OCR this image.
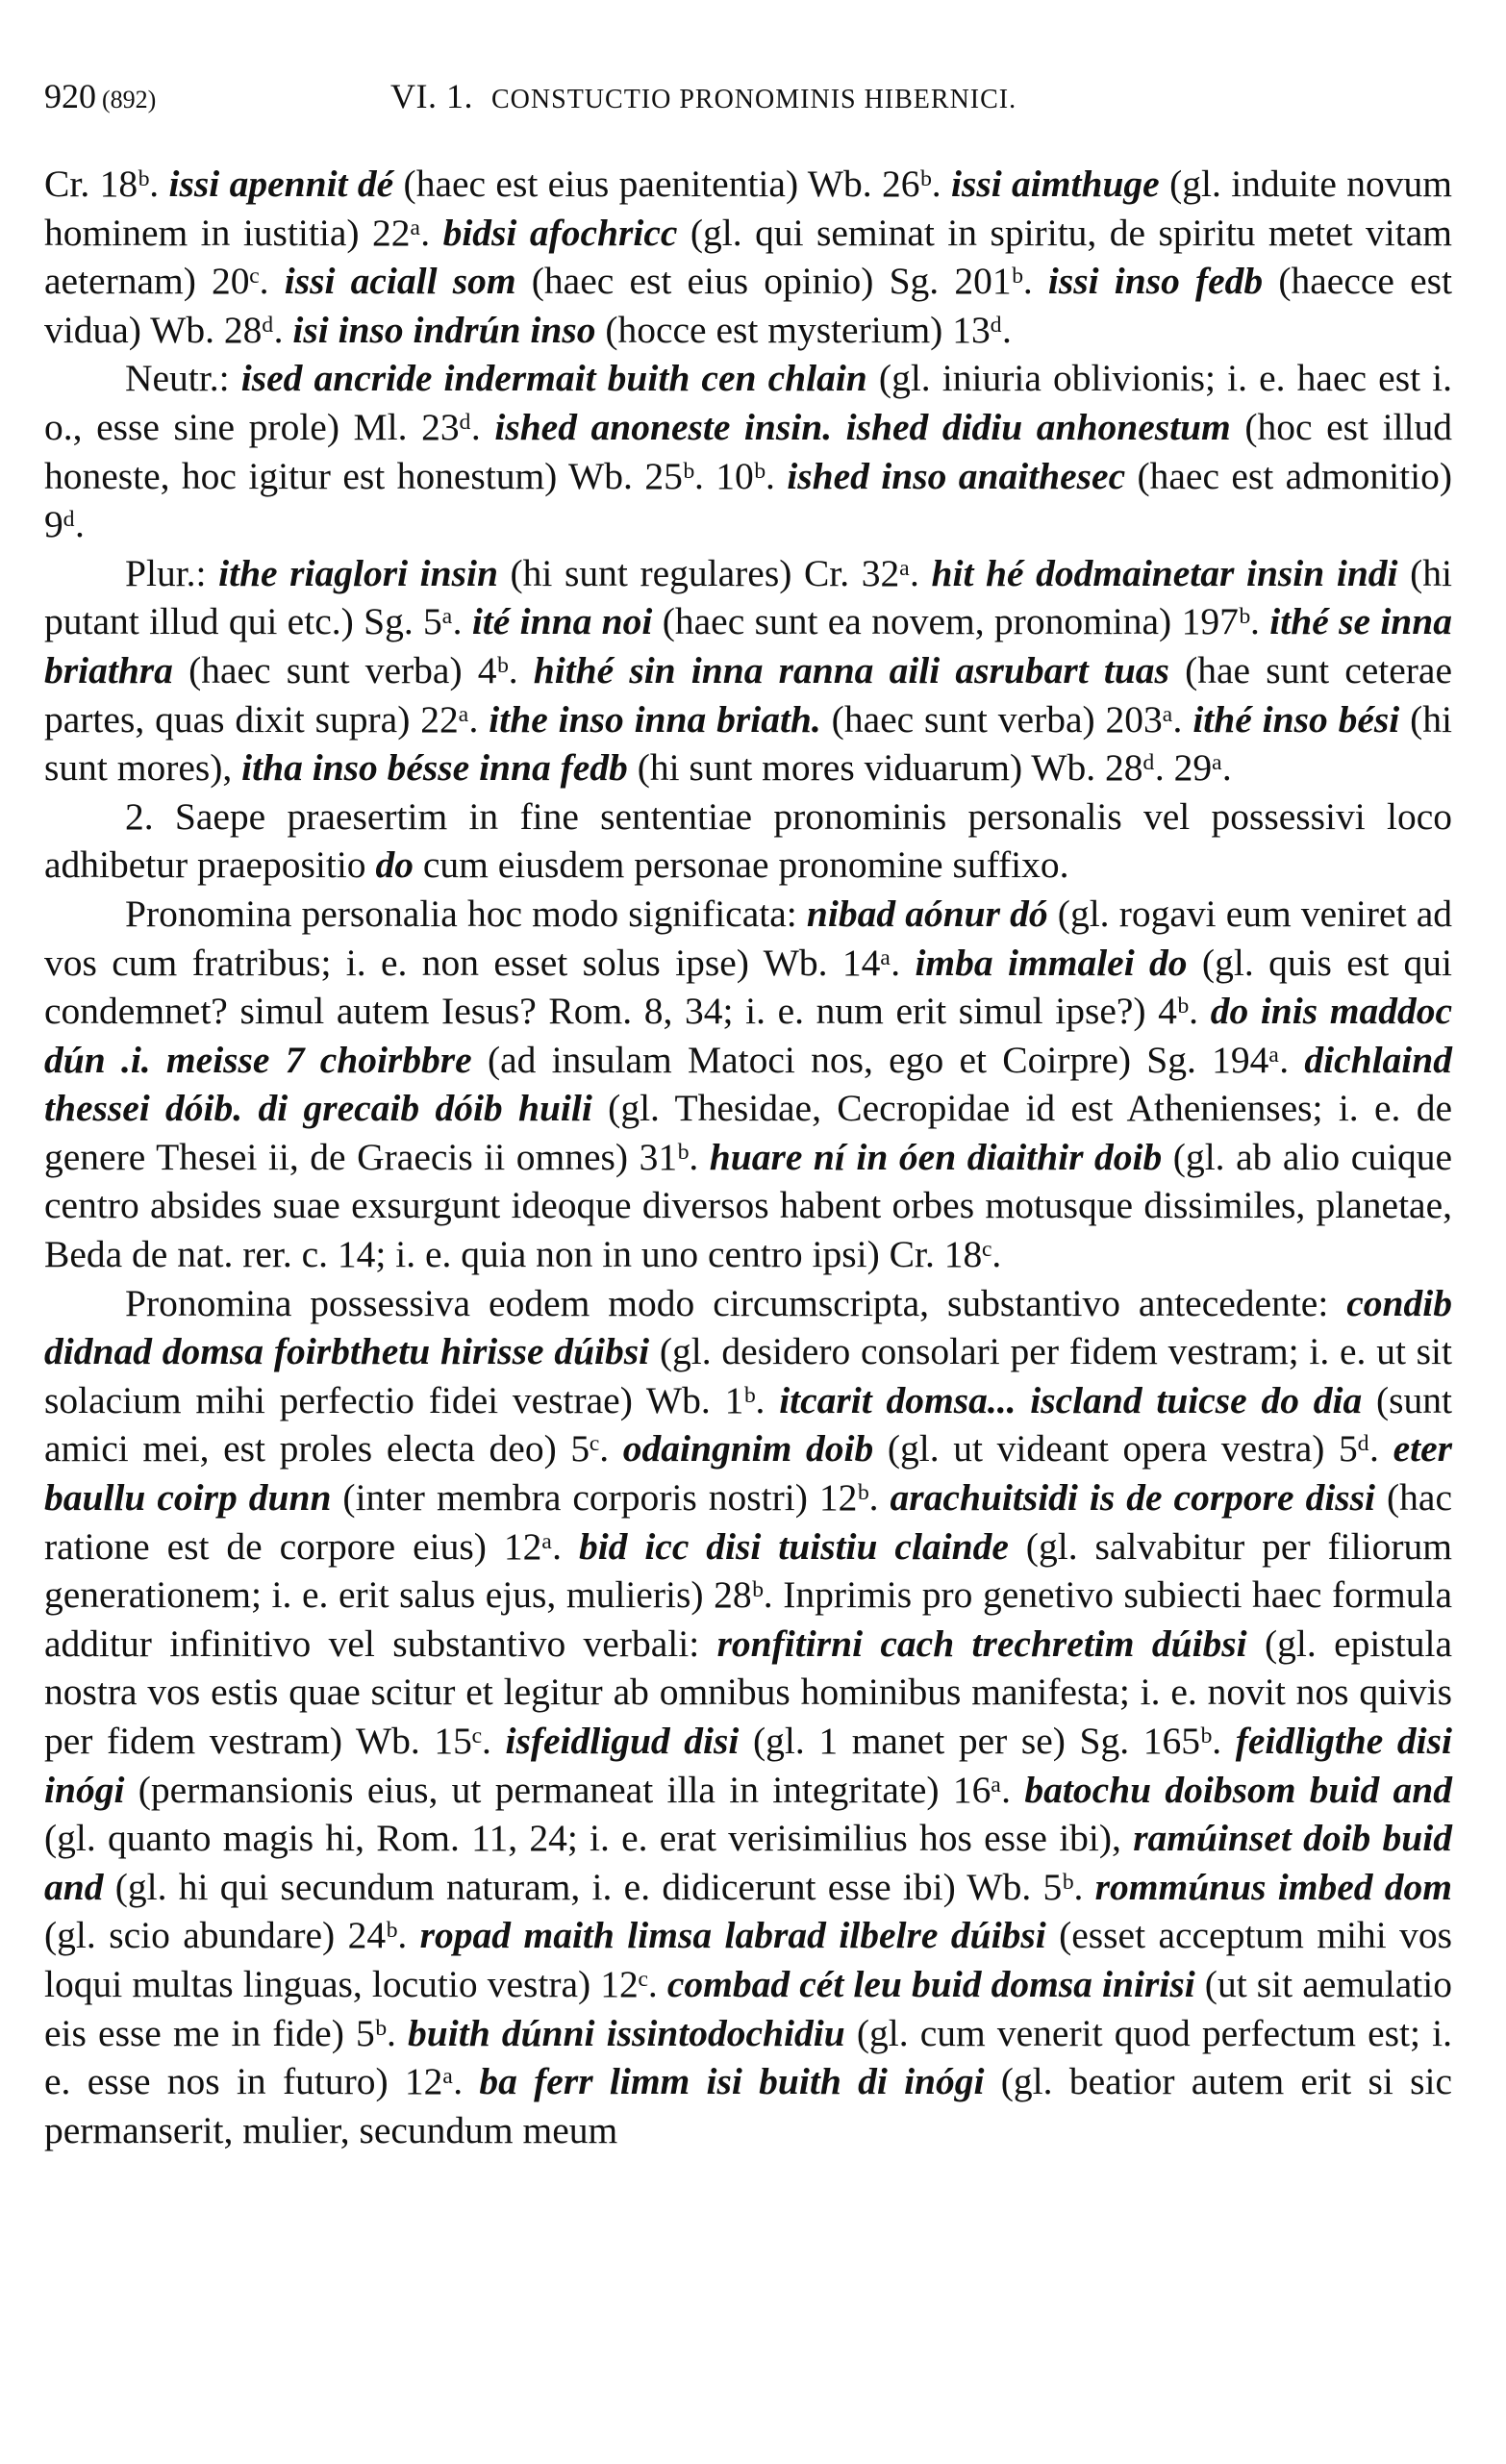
920 (892)	VI. 1. CONSTUCTIO PRONOMINIS HIBERNICI.

Cr. 18ᵇ. issi apennit dé (haec est eius paenitentia) Wb. 26ᵇ. issi aimthuge (gl. induite novum hominem in iustitia) 22ᵃ. bidsi afochricc (gl. qui seminat in spiritu, de spiritu metet vitam aeternam) 20ᶜ. issi aciall som (haec est eius opinio) Sg. 201ᵇ. issi inso fedb (haecce est vidua) Wb. 28ᵈ. isi inso indrún inso (hocce est mysterium) 13ᵈ.

Neutr.: ised ancride indermait buith cen chlain (gl. iniuria oblivionis; i. e. haec est i. o., esse sine prole) Ml. 23ᵈ. ished anoneste insin. ished didiu anhonestum (hoc est illud honeste, hoc igitur est honestum) Wb. 25ᵇ. 10ᵇ. ished inso anaithesec (haec est admonitio) 9ᵈ.

Plur.: ithe riaglori insin (hi sunt regulares) Cr. 32ᵃ. hit hé dodmainetar insin indi (hi putant illud qui etc.) Sg. 5ᵃ. ité inna noi (haec sunt ea novem, pronomina) 197ᵇ. ithé se inna briathra (haec sunt verba) 4ᵇ. hithé sin inna ranna aili asrubart tuas (hae sunt ceterae partes, quas dixit supra) 22ᵃ. ithe inso inna briath. (haec sunt verba) 203ᵃ. ithé inso bési (hi sunt mores), itha inso bésse inna fedb (hi sunt mores viduarum) Wb. 28ᵈ. 29ᵃ.

2. Saepe praesertim in fine sententiae pronominis personalis vel possessivi loco adhibetur praepositio do cum eiusdem personae pronomine suffixo.

Pronomina personalia hoc modo significata: nibad aónur dó (gl. rogavi eum veniret ad vos cum fratribus; i. e. non esset solus ipse) Wb. 14ᵃ. imba immalei do (gl. quis est qui condemnet? simul autem Iesus? Rom. 8, 34; i. e. num erit simul ipse?) 4ᵇ. do inis maddoc dún .i. meisse 7 choirbbre (ad insulam Matoci nos, ego et Coirpre) Sg. 194ᵃ. dichlaind thessei dóib. di grecaib dóib huili (gl. Thesidae, Cecropidae id est Athenienses; i. e. de genere Thesei ii, de Graecis ii omnes) 31ᵇ. huare ní in óen diaithir doib (gl. ab alio cuique centro absides suae exsurgunt ideoque diversos habent orbes motusque dissimiles, planetae, Beda de nat. rer. c. 14; i. e. quia non in uno centro ipsi) Cr. 18ᶜ.

Pronomina possessiva eodem modo circumscripta, substantivo antecedente: condib didnad domsa foirbthetu hirisse dúibsi (gl. desidero consolari per fidem vestram; i. e. ut sit solacium mihi perfectio fidei vestrae) Wb. 1ᵇ. itcarit domsa... iscland tuicse do dia (sunt amici mei, est proles electa deo) 5ᶜ. odaingnim doib (gl. ut videant opera vestra) 5ᵈ. eter baullu coirp dunn (inter membra corporis nostri) 12ᵇ. arachuitsidi is de corpore dissi (hac ratione est de corpore eius) 12ᵃ. bid icc disi tuistiu clainde (gl. salvabitur per filiorum generationem; i. e. erit salus ejus, mulieris) 28ᵇ. Inprimis pro genetivo subiecti haec formula additur infinitivo vel substantivo verbali: ronfitirni cach trechretim dúibsi (gl. epistula nostra vos estis quae scitur et legitur ab omnibus hominibus manifesta; i. e. novit nos quivis per fidem vestram) Wb. 15ᶜ. isfeidligud disi (gl. 1 manet per se) Sg. 165ᵇ. feidligthe disi inógi (permansionis eius, ut permaneat illa in integritate) 16ᵃ. batochu doibsom buid and (gl. quanto magis hi, Rom. 11, 24; i. e. erat verisimilius hos esse ibi), ramúinset doib buid and (gl. hi qui secundum naturam, i. e. didicerunt esse ibi) Wb. 5ᵇ. rommúnus imbed dom (gl. scio abundare) 24ᵇ. ropad maith limsa labrad ilbelre dúibsi (esset acceptum mihi vos loqui multas linguas, locutio vestra) 12ᶜ. combad cét leu buid domsa inirisi (ut sit aemulatio eis esse me in fide) 5ᵇ. buith dúnni issintodochidiu (gl. cum venerit quod perfectum est; i. e. esse nos in futuro) 12ᵃ. ba ferr limm isi buith di inógi (gl. beatior autem erit si sic permanserit, mulier, secundum meum
